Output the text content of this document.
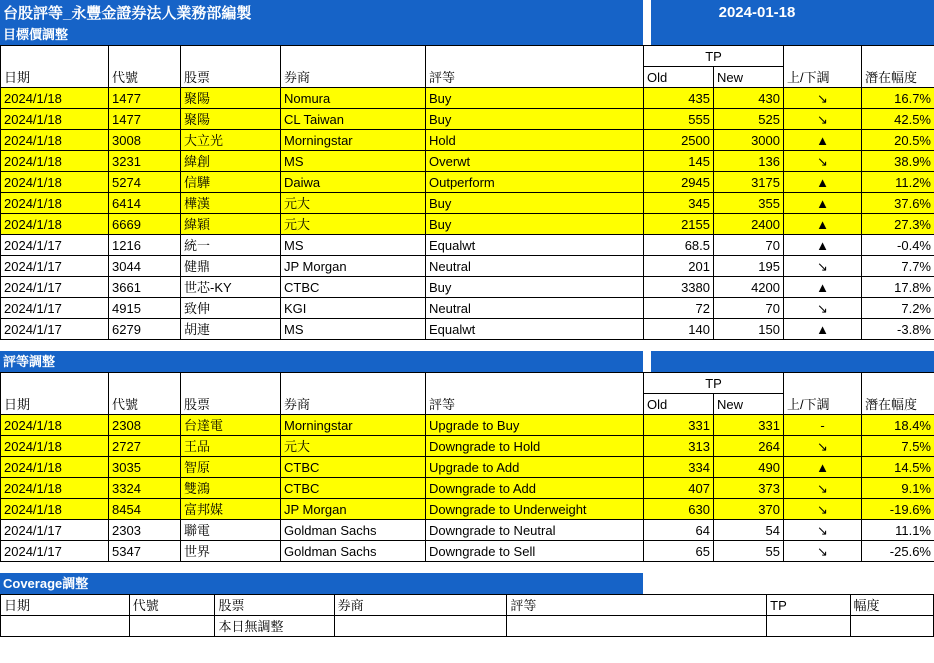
台股評等_永豐金證券法人業務部編製		2024-01-18	
目標價調整		
日期	代號	股票	券商	評等	TP		上/下調	潛在幅度
					Old	New		
2024/1/18	1477	聚陽	Nomura	Buy	435	430	↘	16.7%
2024/1/18	1477	聚陽	CL Taiwan	Buy	555	525	↘	42.5%
2024/1/18	3008	大立光	Morningstar	Hold	2500	3000	▲	20.5%
2024/1/18	3231	緯創	MS	Overwt	145	136	↘	38.9%
2024/1/18	5274	信驊	Daiwa	Outperform	2945	3175	▲	11.2%
2024/1/18	6414	樺漢	元大	Buy	345	355	▲	37.6%
2024/1/18	6669	緯穎	元大	Buy	2155	2400	▲	27.3%
2024/1/17	1216	統一	MS	Equalwt	68.5	70	▲	-0.4%
2024/1/17	3044	健鼎	JP Morgan	Neutral	201	195	↘	7.7%
2024/1/17	3661	世芯-KY	CTBC	Buy	3380	4200	▲	17.8%
2024/1/17	4915	致伸	KGI	Neutral	72	70	↘	7.2%
2024/1/17	6279	胡連	MS	Equalwt	140	150	▲	-3.8%
評等調整		
日期	代號	股票	券商	評等	TP		上/下調	潛在幅度
					Old	New		
2024/1/18	2308	台達電	Morningstar	Upgrade to Buy	331	331	-	18.4%
2024/1/18	2727	王品	元大	Downgrade to Hold	313	264	↘	7.5%
2024/1/18	3035	智原	CTBC	Upgrade to Add	334	490	▲	14.5%
2024/1/18	3324	雙鴻	CTBC	Downgrade to Add	407	373	↘	9.1%
2024/1/18	8454	富邦媒	JP Morgan	Downgrade to Underweight	630	370	↘	-19.6%
2024/1/17	2303	聯電	Goldman Sachs	Downgrade to Neutral	64	54	↘	11.1%
2024/1/17	5347	世界	Goldman Sachs	Downgrade to Sell	65	55	↘	-25.6%
Coverage調整		
日期	代號	股票	券商	評等	TP	幅度
		本日無調整				
